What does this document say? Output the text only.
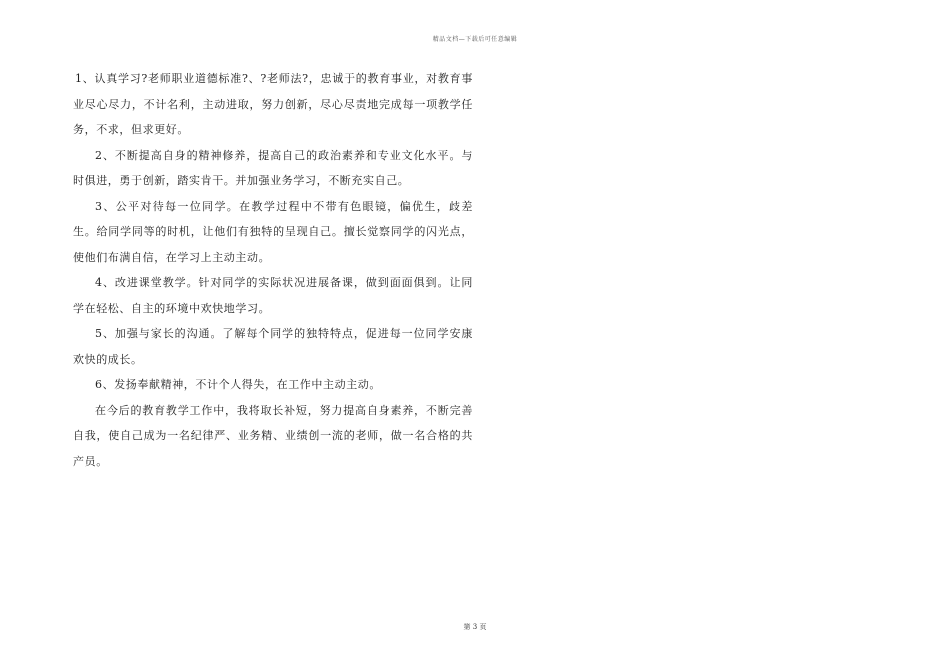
精品文档—下载后可任意编辑

1、认真学习?老师职业道德标准?、?老师法?，忠诚于的教育事业，对教育事业尽心尽力，不计名利，主动进取，努力创新，尽心尽责地完成每一项教学任务，不求，但求更好。

2、不断提高自身的精神修养，提高自己的政治素养和专业文化水平。与时俱进，勇于创新，踏实肯干。并加强业务学习，不断充实自己。

3、公平对待每一位同学。在教学过程中不带有色眼镜，偏优生，歧差生。给同学同等的时机，让他们有独特的呈现自己。擅长觉察同学的闪光点，使他们布满自信，在学习上主动主动。

4、改进课堂教学。针对同学的实际状况进展备课，做到面面俱到。让同学在轻松、自主的环境中欢快地学习。

5、加强与家长的沟通。了解每个同学的独特特点，促进每一位同学安康欢快的成长。

6、发扬奉献精神，不计个人得失，在工作中主动主动。

在今后的教育教学工作中，我将取长补短，努力提高自身素养，不断完善自我，使自己成为一名纪律严、业务精、业绩创一流的老师，做一名合格的共产员。

第 3 页
